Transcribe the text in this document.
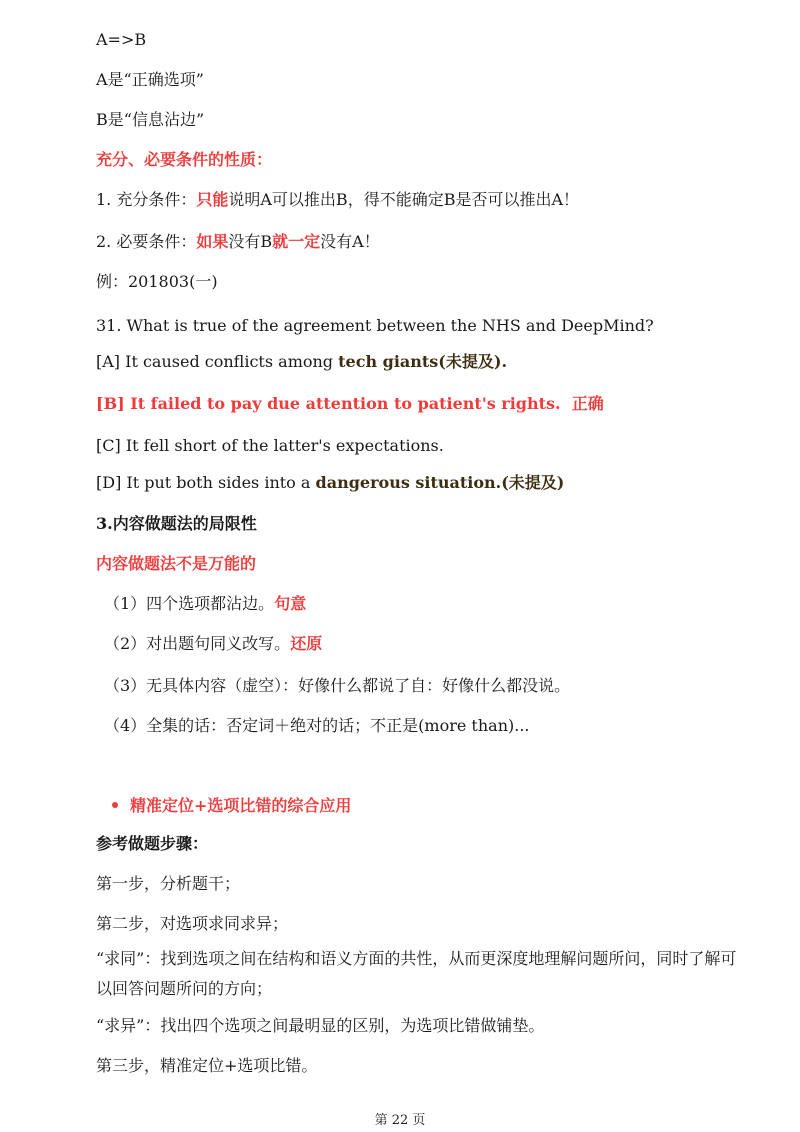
A=>B
A是“正确选项”
B是“信息沾边”
充分、必要条件的性质：
1. 充分条件：只能说明A可以推出B，得不能确定B是否可以推出A！
2. 必要条件：如果没有B就一定没有A！
例：201803(一)
31. What is true of the agreement between the NHS and DeepMind?
[A] It caused conflicts among tech giants(未提及).
[B] It failed to pay due attention to patient's rights. 正确
[C] It fell short of the latter's expectations.
[D] It put both sides into a dangerous situation.(未提及)
3.内容做题法的局限性
内容做题法不是万能的
（1）四个选项都沾边。句意
（2）对出题句同义改写。还原
（3）无具体内容（虚空）：好像什么都说了自：好像什么都没说。
（4）全集的话：否定词＋绝对的话；不正是(more than)...
精准定位+选项比错的综合应用
参考做题步骤：
第一步，分析题干；
第二步，对选项求同求异；
“求同”：找到选项之间在结构和语义方面的共性，从而更深度地理解问题所问，同时了解可以回答问题所问的方向；
“求异”：找出四个选项之间最明显的区别，为选项比错做铺垫。
第三步，精准定位+选项比错。
第 22 页
